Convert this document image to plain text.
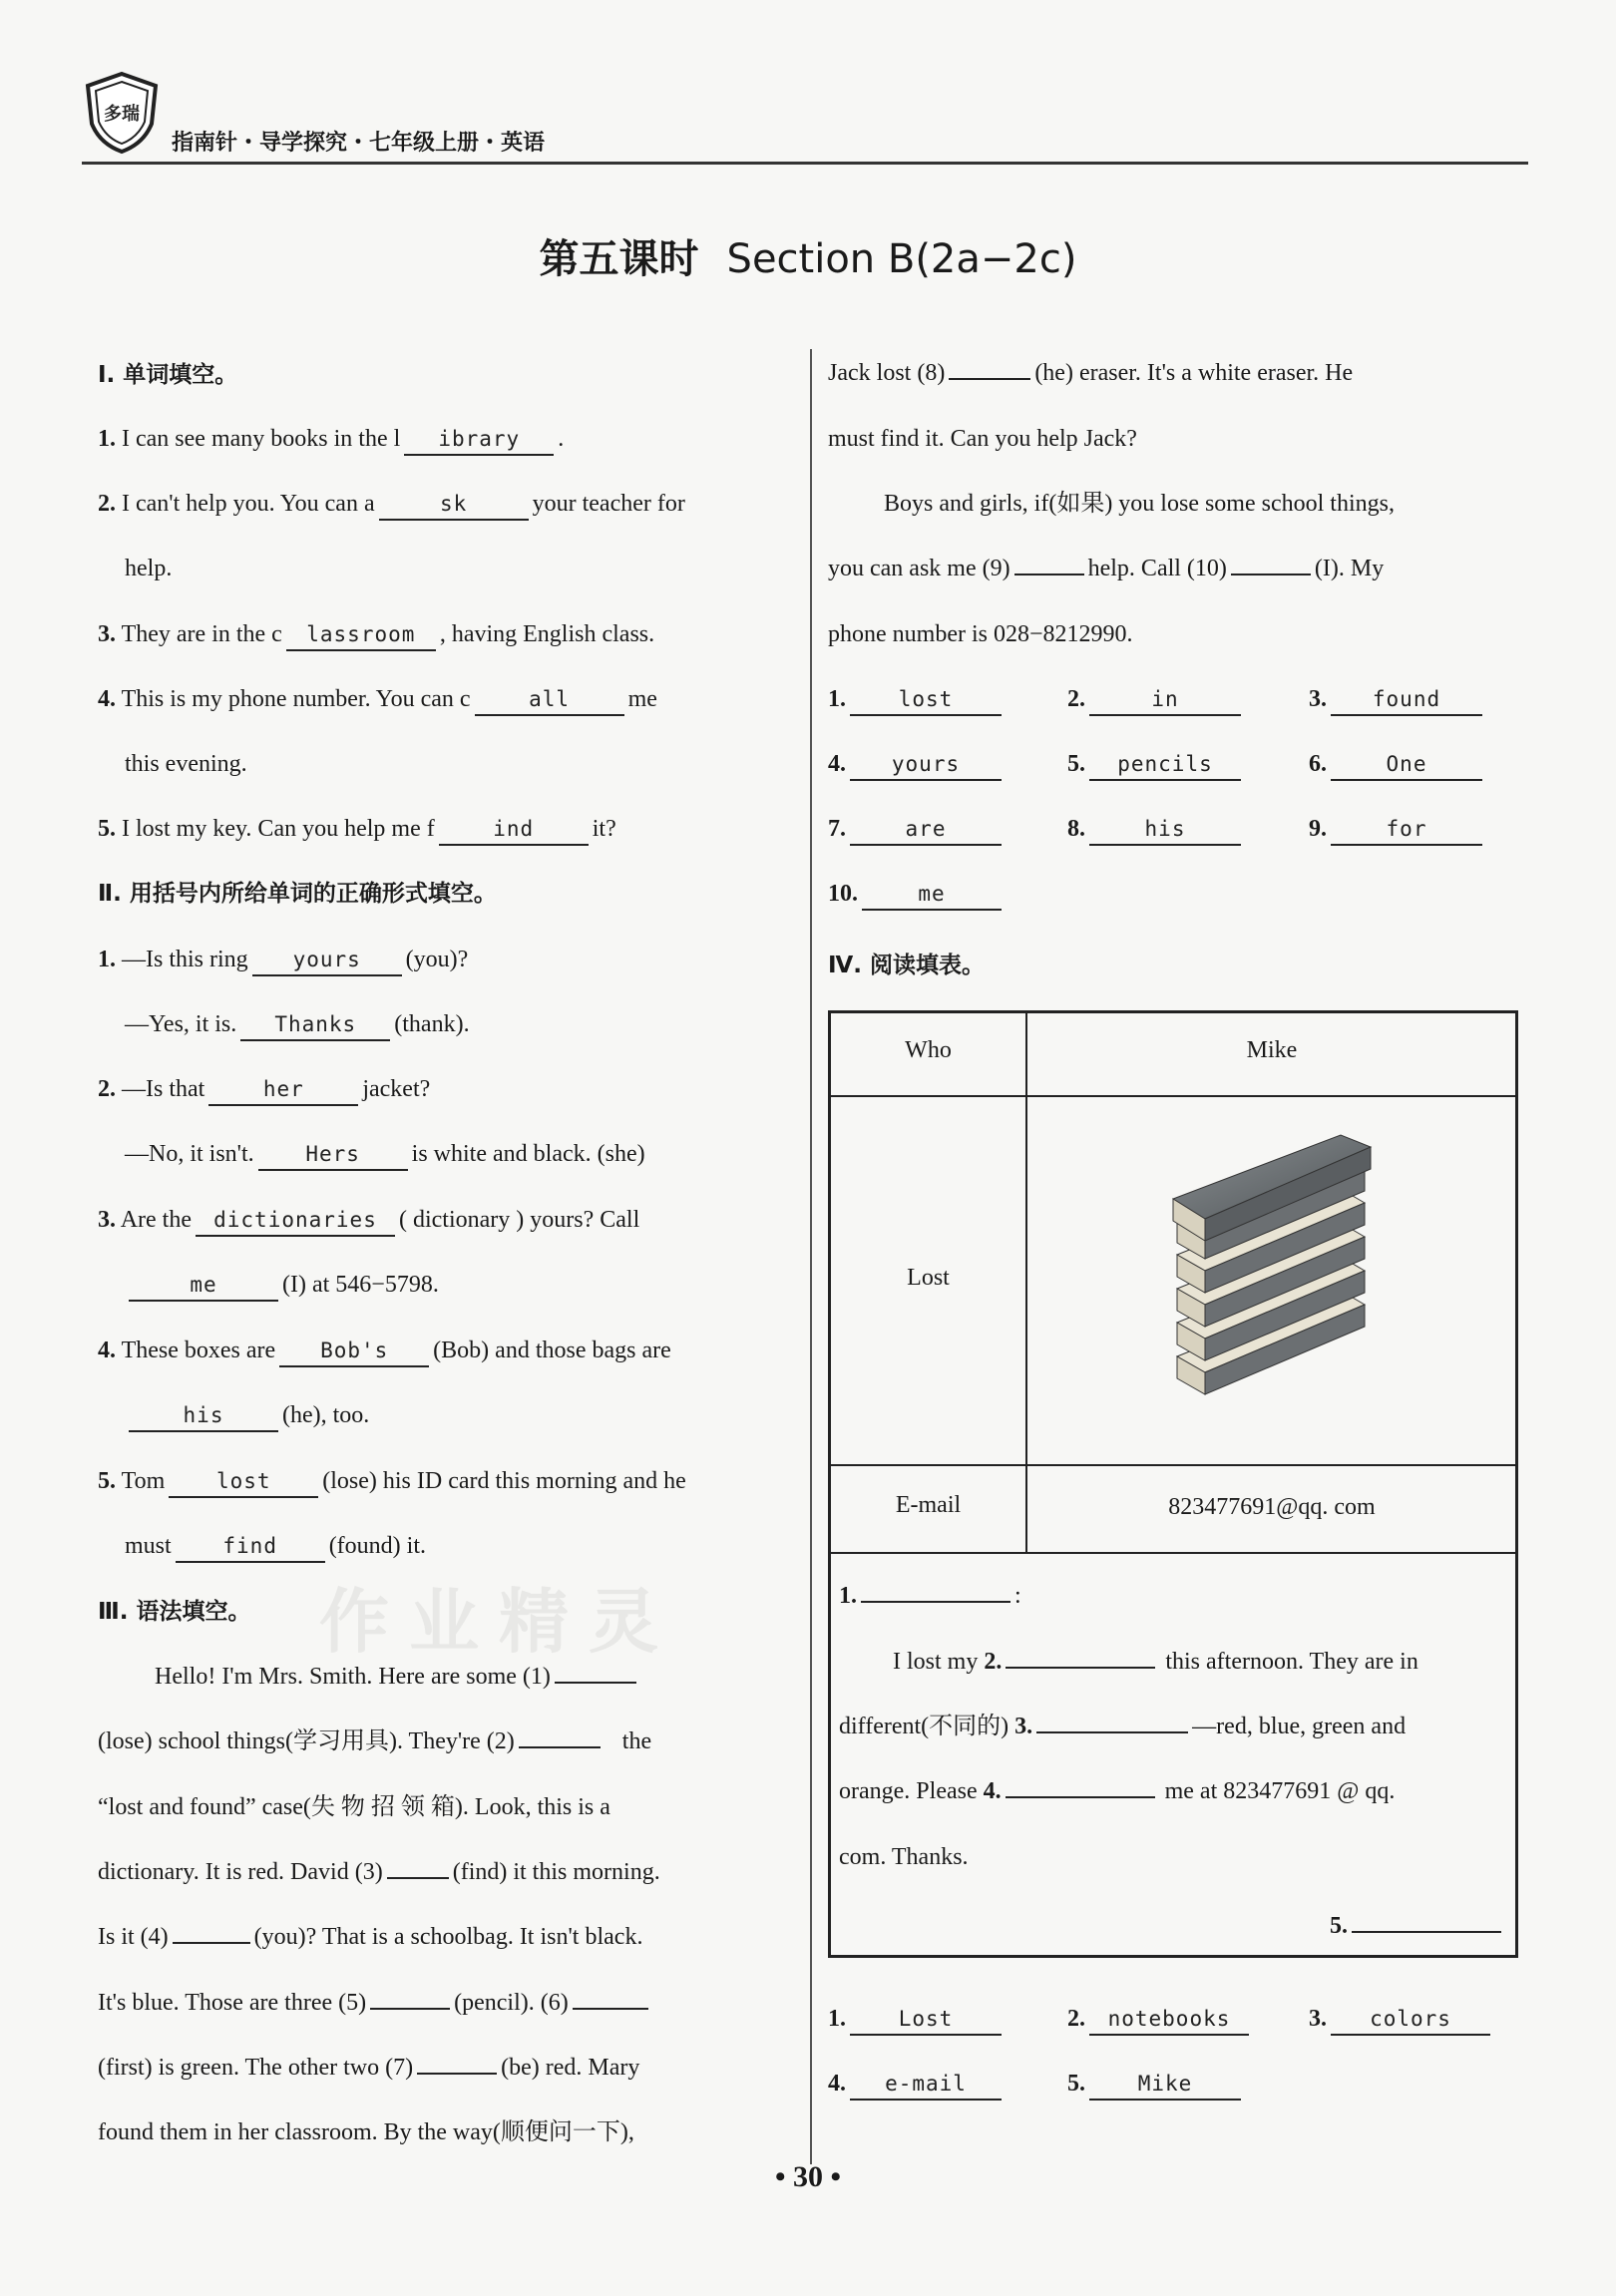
多瑞
指南针・导学探究・七年级上册・英语
第五课时 Section B(2a−2c)
Ⅰ. 单词填空。
1. I can see many books in the l ibrary .
2. I can't help you. You can a	sk	your teacher for
help.
3. They are in the c lassroom , having English class.
4. This is my phone number. You can c	all me
this evening.
5. I lost my key. Can you help me f	ind it?
Ⅱ. 用括号内所给单词的正确形式填空。
1. —Is this ring yours (you)?
—Yes, it is. Thanks (thank).
2. —Is that	her jacket?
—No, it isn't. Hers is white and black. (she)
3. Are the dictionaries ( dictionary ) yours? Call
me	(I) at 546−5798.
4. These boxes are Bob's (Bob) and those bags are
his (he), too.
5. Tom lost (lose) his ID card this morning and he
must find (found) it.
Ⅲ. 语法填空。 作业精灵
Hello! I'm Mrs. Smith. Here are some (1)
(lose) school things(学习用具). They're (2)	the
“lost and found” case(失 物 招 领 箱). Look, this is a
dictionary. It is red. David (3)	(find) it this morning.
Is it (4)	(you)? That is a schoolbag. It isn't black.
It's blue. Those are three (5)	(pencil). (6)
(first) is green. The other two (7)	(be) red. Mary
found them in her classroom. By the way(顺便问一下),
Jack lost (8)	(he) eraser. It's a white eraser. He
must find it. Can you help Jack?
Boys and girls, if(如果) you lose some school things,
you can ask me (9)	help. Call (10)	(I). My
phone number is 028−8212990.
1.	lost	2.	in	3. found
4. yours	5. pencils	6.	One
7.	are	8.	his	9.	for
10.	me
Ⅳ. 阅读填表。
Who	Mike
Lost
E-mail	823477691@qq. com
1.	:
I lost my 2.	this afternoon. They are in
different(不同的) 3.	—red, blue, green and
orange. Please 4.	me at 823477691 @ qq.
com. Thanks.
5.
1.	Lost	2. notebooks	3. colors
4. e-mail	5.	Mike
• 30 •
